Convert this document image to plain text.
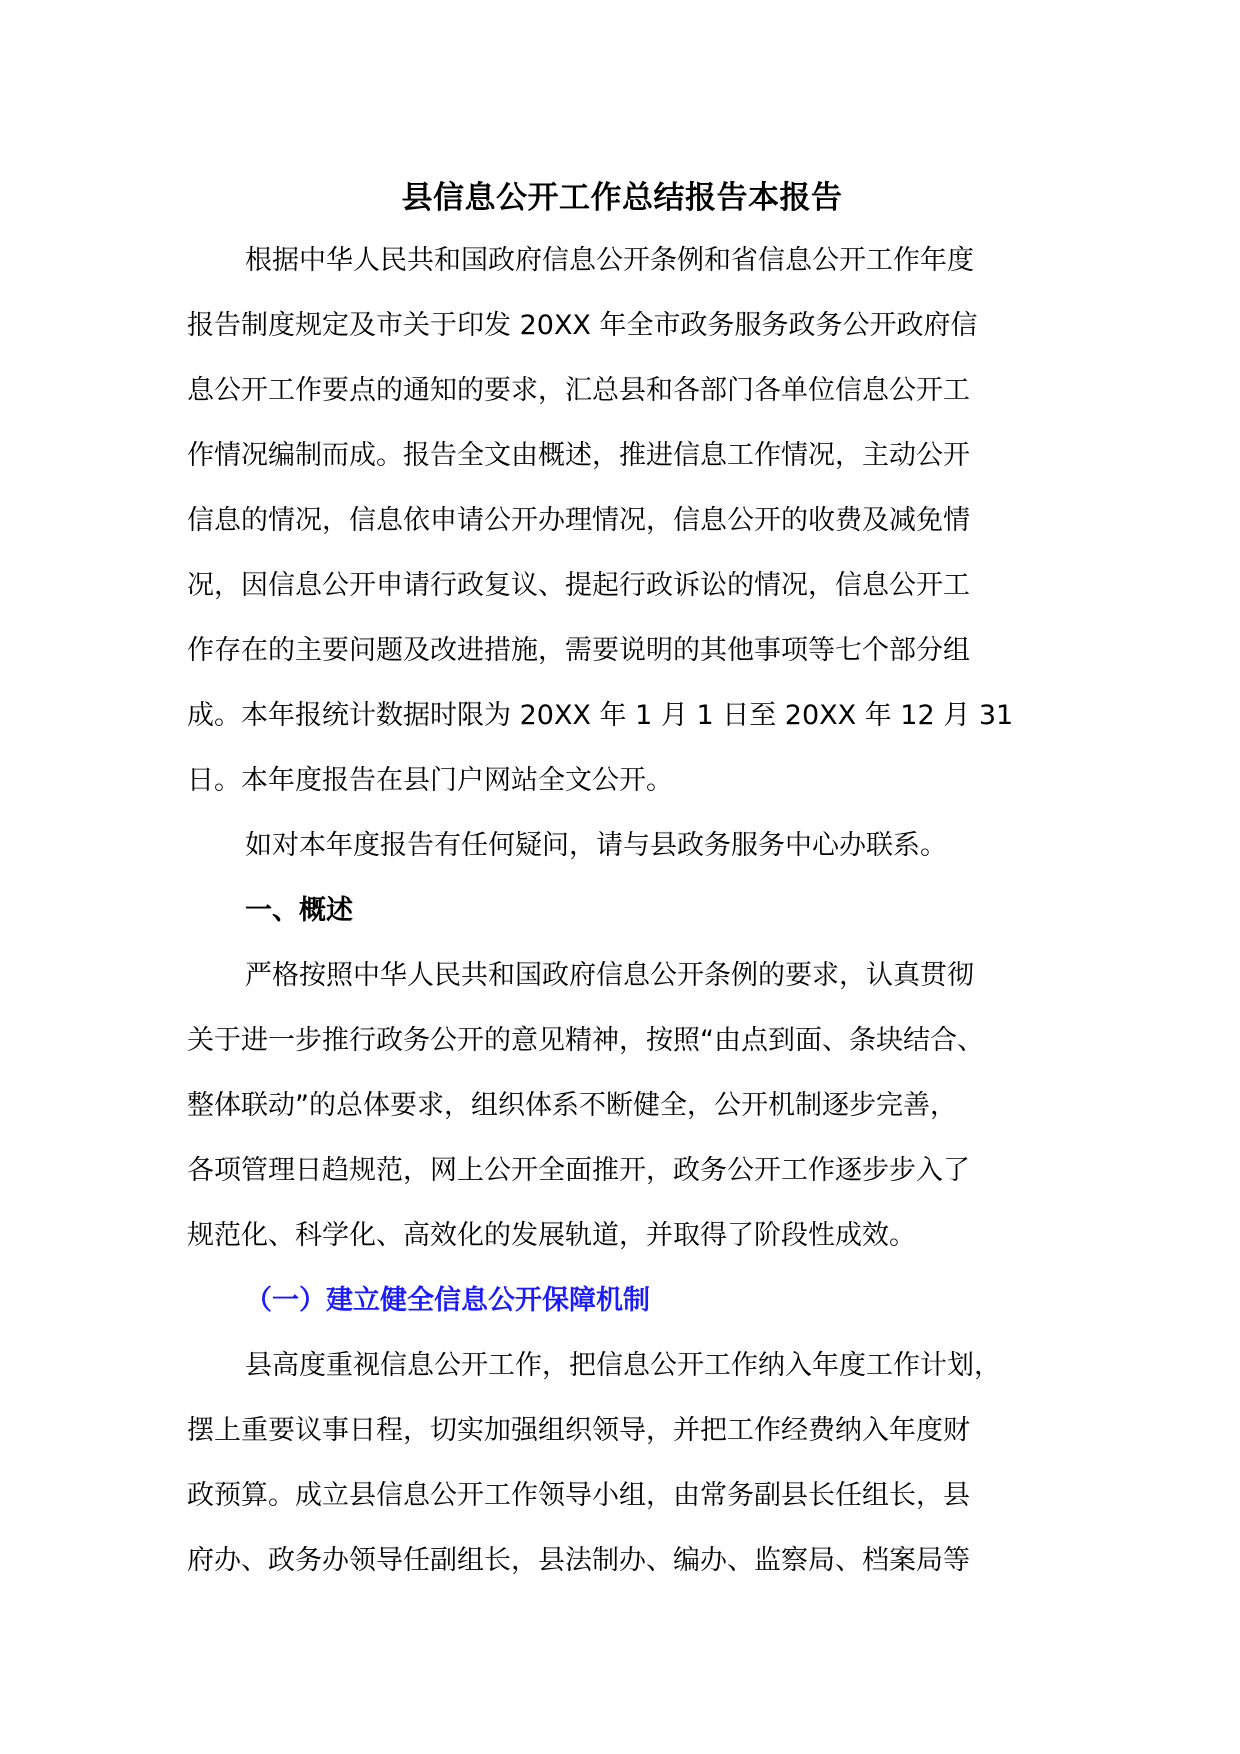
县信息公开工作总结报告本报告

根据中华人民共和国政府信息公开条例和省信息公开工作年度
报告制度规定及市关于印发 20XX 年全市政务服务政务公开政府信
息公开工作要点的通知的要求，汇总县和各部门各单位信息公开工
作情况编制而成。报告全文由概述，推进信息工作情况，主动公开
信息的情况，信息依申请公开办理情况，信息公开的收费及减免情
况，因信息公开申请行政复议、提起行政诉讼的情况，信息公开工
作存在的主要问题及改进措施，需要说明的其他事项等七个部分组
成。本年报统计数据时限为 20XX 年 1 月 1 日至 20XX 年 12 月 31
日。本年度报告在县门户网站全文公开。

如对本年度报告有任何疑问，请与县政务服务中心办联系。

一、概述

严格按照中华人民共和国政府信息公开条例的要求，认真贯彻
关于进一步推行政务公开的意见精神，按照“由点到面、条块结合、
整体联动”的总体要求，组织体系不断健全，公开机制逐步完善，
各项管理日趋规范，网上公开全面推开，政务公开工作逐步步入了
规范化、科学化、高效化的发展轨道，并取得了阶段性成效。

（一）建立健全信息公开保障机制

县高度重视信息公开工作，把信息公开工作纳入年度工作计划，
摆上重要议事日程，切实加强组织领导，并把工作经费纳入年度财
政预算。成立县信息公开工作领导小组，由常务副县长任组长，县
府办、政务办领导任副组长，县法制办、编办、监察局、档案局等
